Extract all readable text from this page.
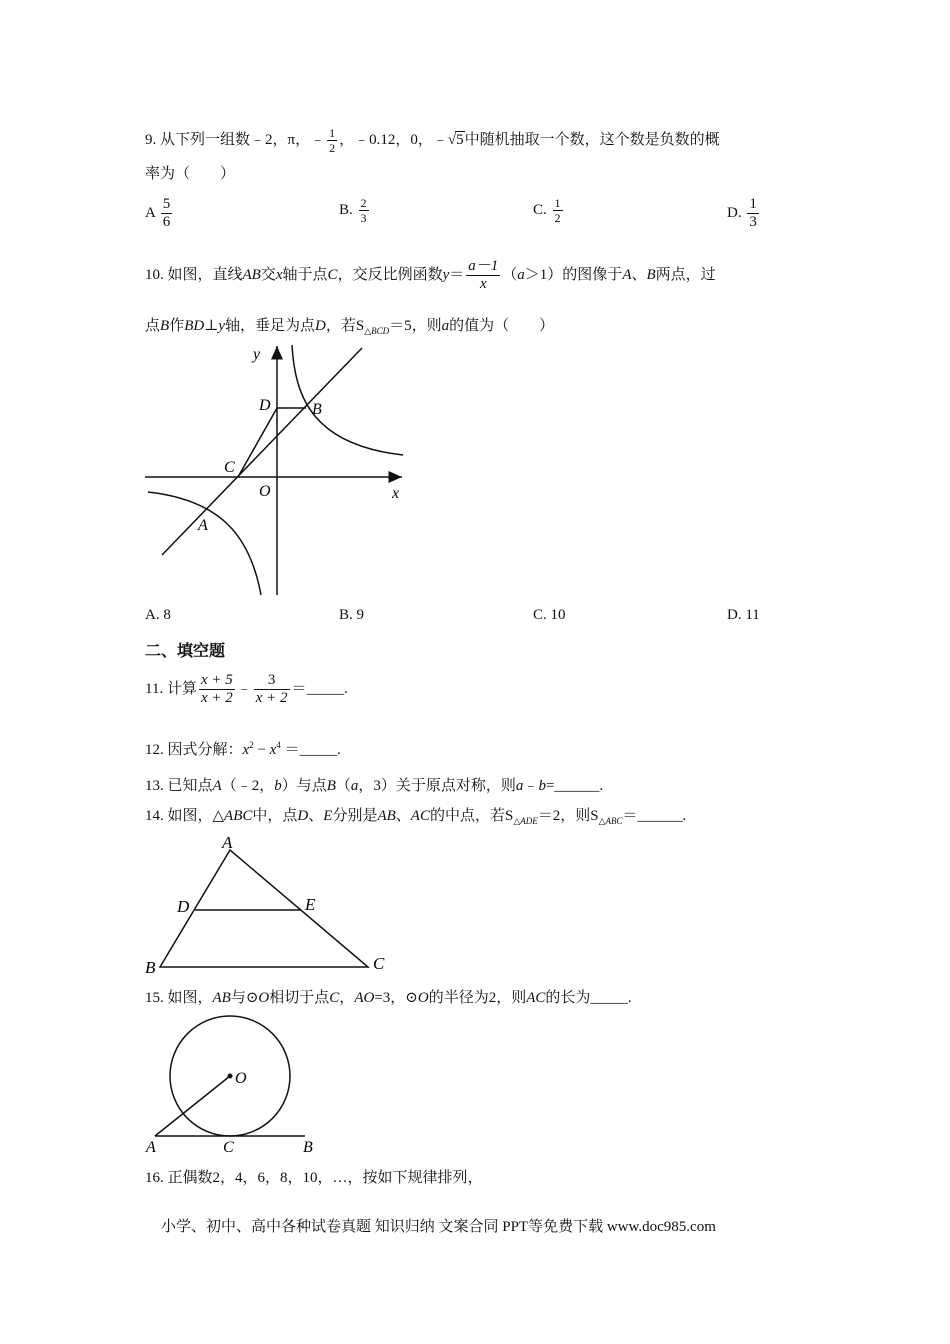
9. 从下列一组数﹣2，π，﹣ $\frac{1}{2}$ ，﹣0.12，0，﹣√5中随机抽取一个数，这个数是负数的概
率为（　　）
A $\frac{5}{6}$	B. $\frac{2}{3}$	C. $\frac{1}{2}$	D. $\frac{1}{3}$
10. 如图，直线AB交x轴于点C，交反比例函数$y= \frac{a-1}{x} (a>1)$的图像于A、B两点，过
点B作BD⊥y轴，垂足为点D，若$S_{\triangle BCD}=5$，则a的值为（　　）
y
x
D	B
C
O
A
A. 8	B. 9	C. 10	D. 11
二、填空题
11. 计算 $\frac{x + 5}{x + 2}$ ﹣ $\frac{3}{x + 2}$ ＝_____.
12. 因式分解：$x^2 - x^4$ ＝_____.
13. 已知点A（﹣2，b）与点B（a，3）关于原点对称，则a﹣b=______.
14. 如图，△ABC中，点D、E分别是AB、AC的中点，若$S_{\triangle ADE}=2$，则$S_{\triangle ABC}=\_\_\_\_\_\_$.
A
D	E
B	C
15. 如图，AB与⊙O相切于点C，AO=3，⊙O的半径为2，则AC的长为_____.
O
A	C	B
16. 正偶数2，4，6，8，10，…，按如下规律排列，
小学、初中、高中各种试卷真题 知识归纳 文案合同 PPT等免费下载 www.doc985.com
